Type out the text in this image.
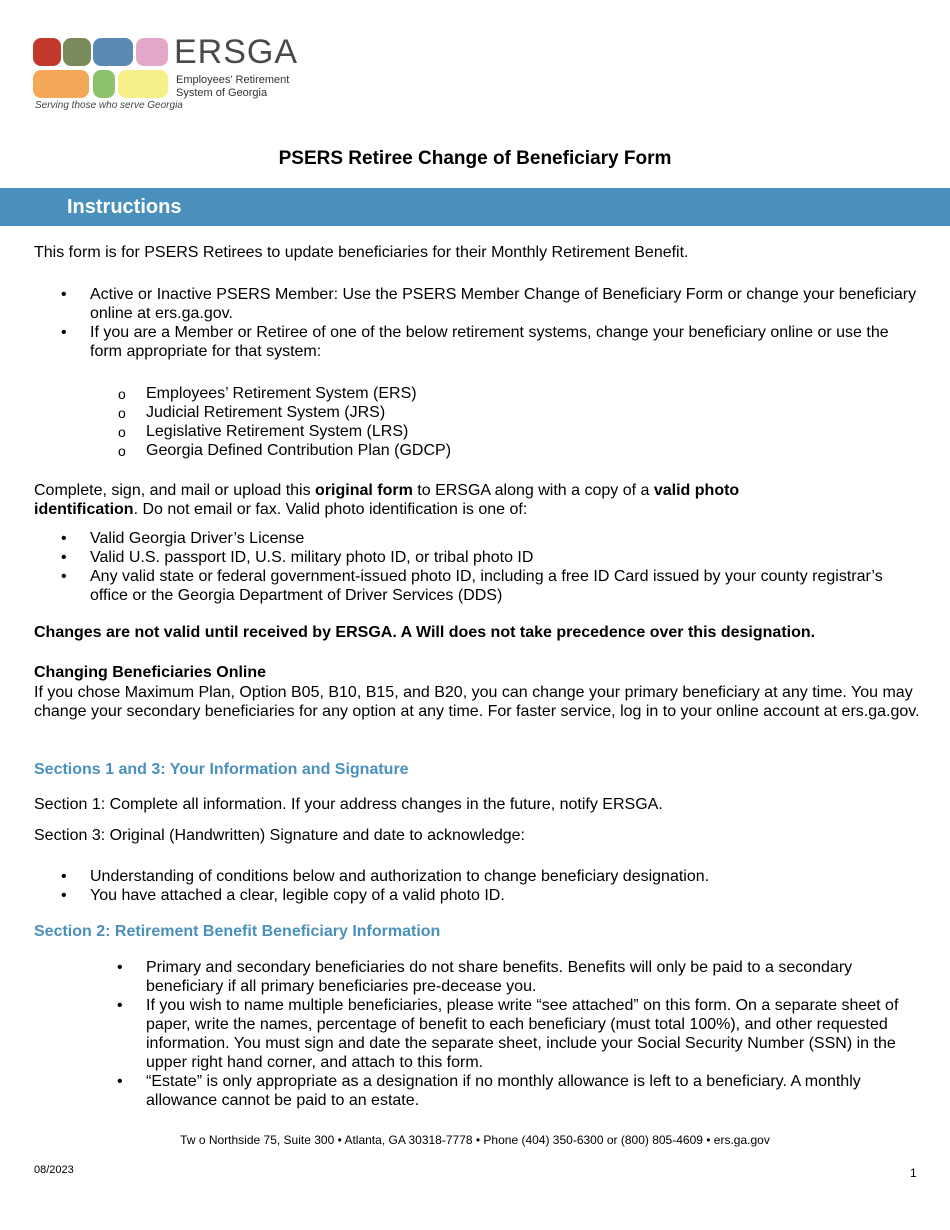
ERSGA
Employees’ Retirement System of Georgia
Serving those who serve Georgia
PSERS Retiree Change of Beneficiary Form
Instructions

This form is for PSERS Retirees to update beneficiaries for their Monthly Retirement Benefit.

• Active or Inactive PSERS Member: Use the PSERS Member Change of Beneficiary Form or change your beneficiary online at ers.ga.gov.
• If you are a Member or Retiree of one of the below retirement systems, change your beneficiary online or use the form appropriate for that system:
o Employees’ Retirement System (ERS)
o Judicial Retirement System (JRS)
o Legislative Retirement System (LRS)
o Georgia Defined Contribution Plan (GDCP)

Complete, sign, and mail or upload this original form to ERSGA along with a copy of a valid photo identification. Do not email or fax. Valid photo identification is one of:

• Valid Georgia Driver’s License
• Valid U.S. passport ID, U.S. military photo ID, or tribal photo ID
• Any valid state or federal government-issued photo ID, including a free ID Card issued by your county registrar’s office or the Georgia Department of Driver Services (DDS)

Changes are not valid until received by ERSGA. A Will does not take precedence over this designation.

Changing Beneficiaries Online

If you chose Maximum Plan, Option B05, B10, B15, and B20, you can change your primary beneficiary at any time. You may change your secondary beneficiaries for any option at any time. For faster service, log in to your online account at ers.ga.gov.

Sections 1 and 3: Your Information and Signature

Section 1: Complete all information. If your address changes in the future, notify ERSGA.

Section 3: Original (Handwritten) Signature and date to acknowledge:

• Understanding of conditions below and authorization to change beneficiary designation.
• You have attached a clear, legible copy of a valid photo ID.
Section 2: Retirement Benefit Beneficiary Information
• Primary and secondary beneficiaries do not share benefits. Benefits will only be paid to a secondary beneficiary if all primary beneficiaries pre-decease you.
• If you wish to name multiple beneficiaries, please write “see attached” on this form. On a separate sheet of paper, write the names, percentage of benefit to each beneficiary (must total 100%), and other requested information. You must sign and date the separate sheet, include your Social Security Number (SSN) in the upper right hand corner, and attach to this form.
• “Estate” is only appropriate as a designation if no monthly allowance is left to a beneficiary. A monthly allowance cannot be paid to an estate.
Tw o Northside 75, Suite 300 • Atlanta, GA 30318-7778 • Phone (404) 350-6300 or (800) 805-4609 • ers.ga.gov
08/2023	1
